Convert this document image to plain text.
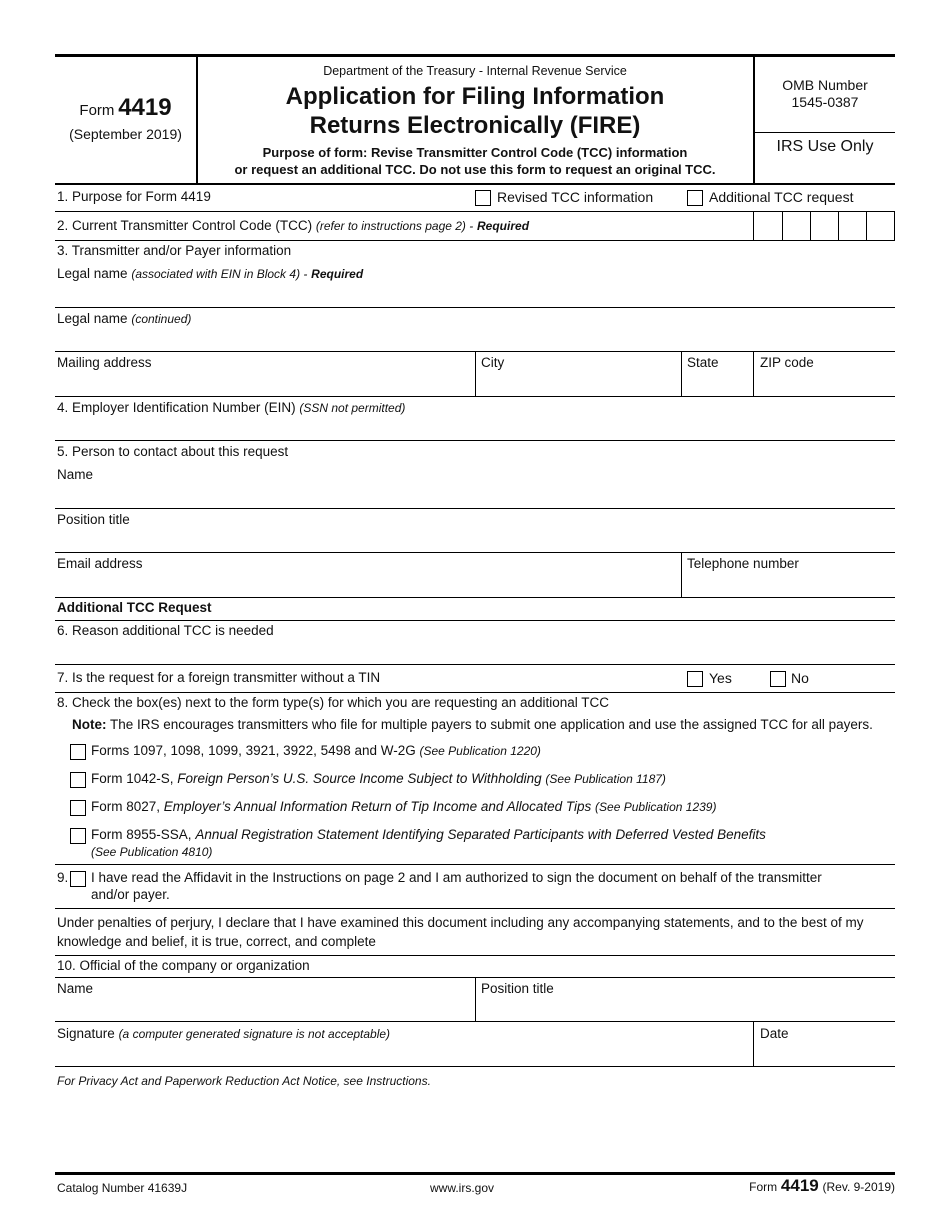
Form 4419
(September 2019)
Department of the Treasury - Internal Revenue Service
Application for Filing Information
Returns Electronically (FIRE)
Purpose of form: Revise Transmitter Control Code (TCC) information
or request an additional TCC. Do not use this form to request an original TCC.
OMB Number
1545-0387
IRS Use Only
1. Purpose for Form 4419	Revised TCC information	Additional TCC request
2. Current Transmitter Control Code (TCC) (refer to instructions page 2) - Required
3. Transmitter and/or Payer information
Legal name (associated with EIN in Block 4) - Required
Legal name (continued)
Mailing address	City	State	ZIP code
4. Employer Identification Number (EIN) (SSN not permitted)
5. Person to contact about this request
Name
Position title
Email address	Telephone number
Additional TCC Request
6. Reason additional TCC is needed
7. Is the request for a foreign transmitter without a TIN	Yes	No
8. Check the box(es) next to the form type(s) for which you are requesting an additional TCC
Note: The IRS encourages transmitters who file for multiple payers to submit one application and use the assigned TCC for all payers.
Forms 1097, 1098, 1099, 3921, 3922, 5498 and W-2G (See Publication 1220)
Form 1042-S, Foreign Person’s U.S. Source Income Subject to Withholding (See Publication 1187)
Form 8027, Employer’s Annual Information Return of Tip Income and Allocated Tips (See Publication 1239)
Form 8955-SSA, Annual Registration Statement Identifying Separated Participants with Deferred Vested Benefits
(See Publication 4810)
9. I have read the Affidavit in the Instructions on page 2 and I am authorized to sign the document on behalf of the transmitter
and/or payer.
Under penalties of perjury, I declare that I have examined this document including any accompanying statements, and to the best of my
knowledge and belief, it is true, correct, and complete
10. Official of the company or organization
Name	Position title
Signature (a computer generated signature is not acceptable)	Date
For Privacy Act and Paperwork Reduction Act Notice, see Instructions.
Catalog Number 41639J	www.irs.gov	Form 4419 (Rev. 9-2019)
